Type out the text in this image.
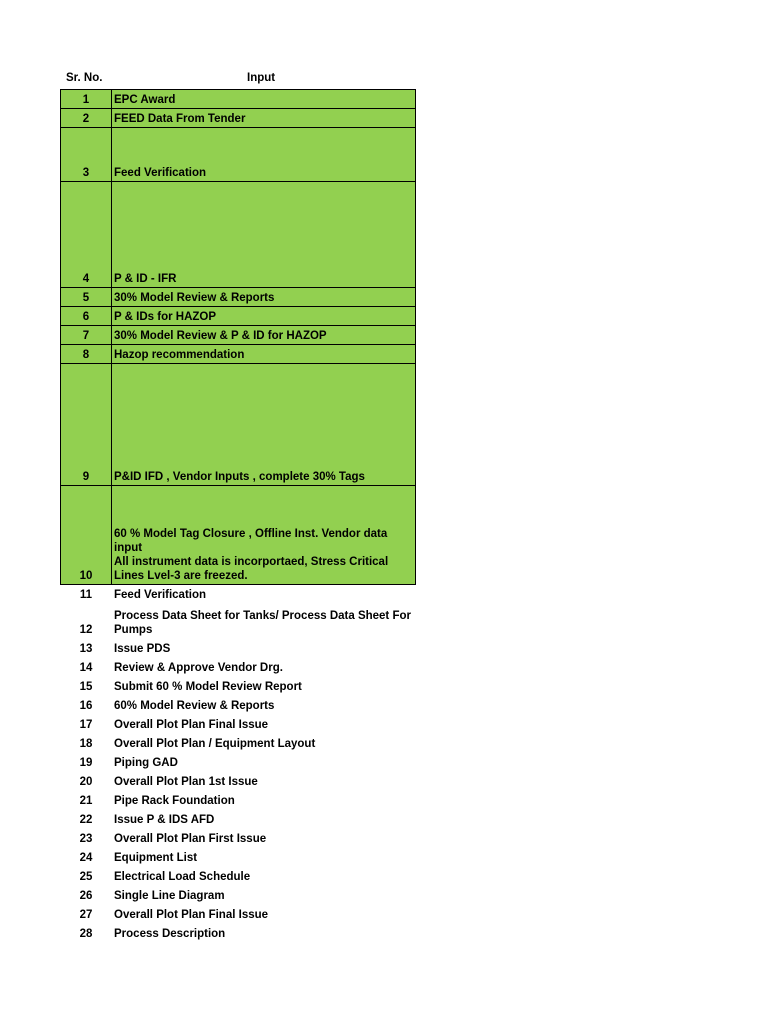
Sr. No.	Input
1	EPC Award
2	FEED Data From Tender
3	Feed Verification
4	P & ID - IFR
5	30% Model Review & Reports
6	P & IDs for HAZOP
7	30% Model Review & P & ID for HAZOP
8	Hazop recommendation
9	P&ID IFD , Vendor Inputs , complete 30% Tags
10	60 % Model Tag Closure , Offline Inst. Vendor data input
All instrument data is incorportaed, Stress Critical Lines Lvel-3 are freezed.
11	Feed Verification
12	Process Data Sheet for Tanks/ Process Data Sheet For Pumps
13	Issue PDS
14	Review & Approve Vendor Drg.
15	Submit 60 % Model Review Report
16	60% Model Review & Reports
17	Overall Plot Plan Final Issue
18	Overall Plot Plan / Equipment Layout
19	Piping GAD
20	Overall Plot Plan 1st Issue
21	Pipe Rack Foundation
22	Issue P & IDS AFD
23	Overall Plot Plan First Issue
24	Equipment List
25	Electrical Load Schedule
26	Single Line Diagram
27	Overall Plot Plan Final Issue
28	Process Description
